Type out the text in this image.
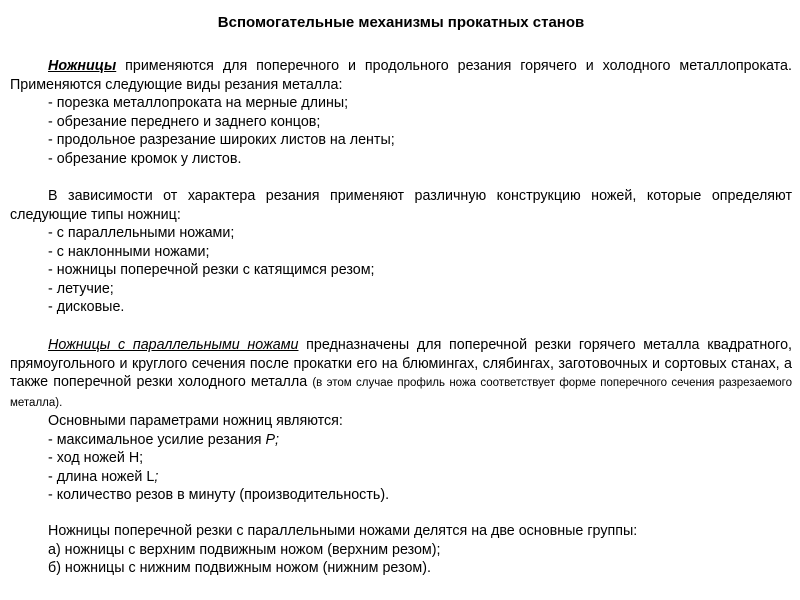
Вспомогательные механизмы прокатных станов

Ножницы применяются для поперечного и продольного резания горячего и холодного металлопроката. Применяются следующие виды резания металла:

- порезка металлопроката на мерные длины;

- обрезание переднего и заднего концов;

- продольное разрезание широких листов на ленты;

- обрезание кромок у листов.

В зависимости от характера резания применяют различную конструкцию ножей, которые определяют следующие типы ножниц:

- с параллельными ножами;

- с наклонными ножами;

- ножницы поперечной резки с катящимся резом;

- летучие;

- дисковые.

Ножницы с параллельными ножами предназначены для поперечной резки горячего металла квадратного, прямоугольного и круглого сечения после прокатки его на блюмингах, слябингах, заготовочных и сортовых станах, а также поперечной резки холодного металла (в этом случае профиль ножа соответствует форме поперечного сечения разрезаемого металла).

Основными параметрами ножниц являются:

- максимальное усилие резания P;

- ход ножей H;

- длина ножей L;

- количество резов в минуту (производительность).

Ножницы поперечной резки с параллельными ножами делятся на две основные группы:

а) ножницы с верхним подвижным ножом (верхним резом);

б) ножницы с нижним подвижным ножом (нижним резом).
